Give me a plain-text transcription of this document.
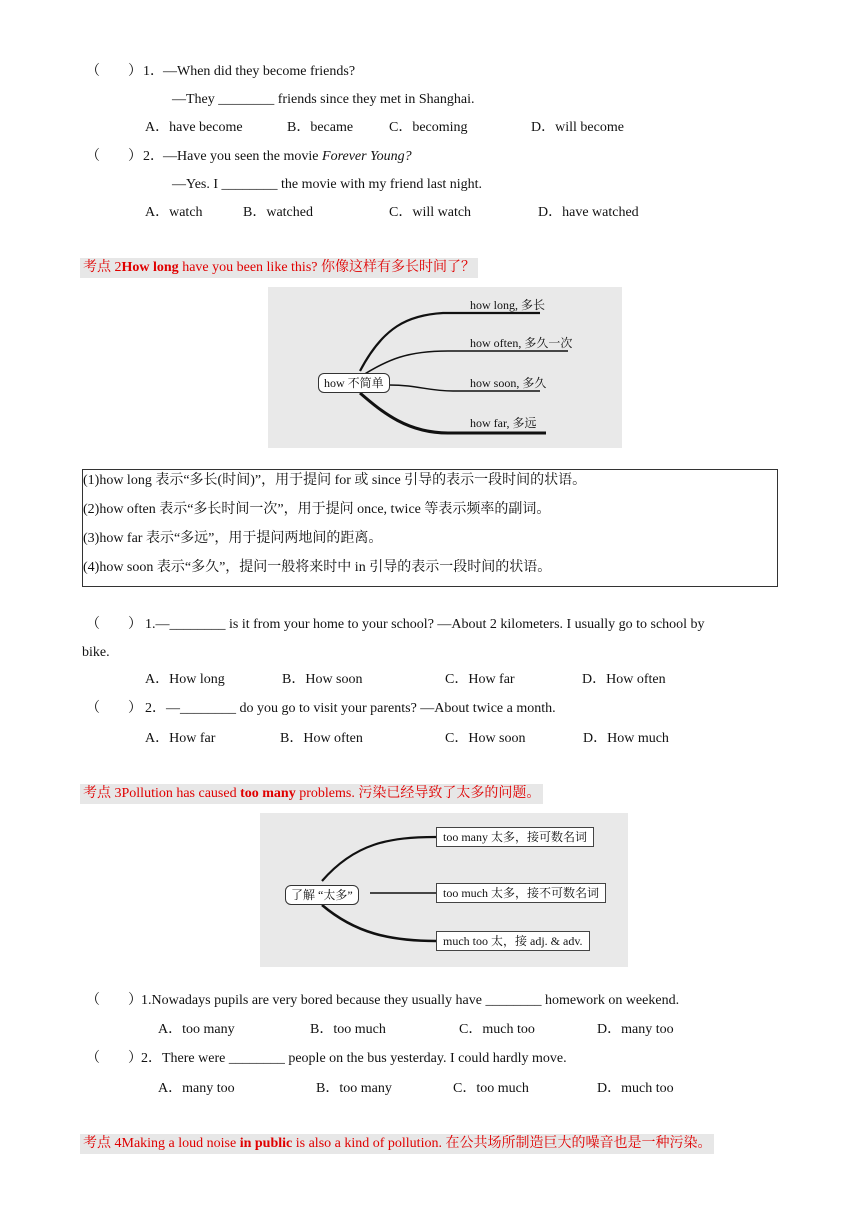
（　　） 1． —When did they become friends?
—They ________ friends since they met in Shanghai.
A．have become	B．became	C．becoming	D．will become
（　　） 2． —Have you seen the movie Forever Young?
—Yes. I ________ the movie with my friend last night.
A．watch	B．watched	C．will watch	D．have watched
考点 2How long have you been like this? 你像这样有多长时间了？
how 不简单
how long, 多长
how often, 多久一次
how soon, 多久
how far, 多远
(1)how long 表示“多长(时间)”，用于提问 for 或 since 引导的表示一段时间的状语。
(2)how often 表示“多长时间一次”，用于提问 once, twice 等表示频率的副词。
(3)how far 表示“多远”，用于提问两地间的距离。
(4)how soon 表示“多久”，提问一般将来时中 in 引导的表示一段时间的状语。
（　　） 1.—________ is it from your home to your school? —About 2 kilometers. I usually go to school by
bike.
A．How long	B．How soon	C．How far	D．How often
（　　） 2．—________ do you go to visit your parents? —About twice a month.
A．How far	B．How often	C．How soon	D．How much
考点 3Pollution has caused too many problems. 污染已经导致了太多的问题。
了解 “太多”
too many 太多，接可数名词
too much 太多，接不可数名词
much too 太，接 adj. & adv.
（　　） 1.Nowadays pupils are very bored because they usually have ________ homework on weekend.
A．too many	B．too much	C．much too	D．many too
（　　） 2．There were ________ people on the bus yesterday. I could hardly move.
A．many too	B．too many	C．too much	D．much too
考点 4Making a loud noise in public is also a kind of pollution. 在公共场所制造巨大的噪音也是一种污染。
